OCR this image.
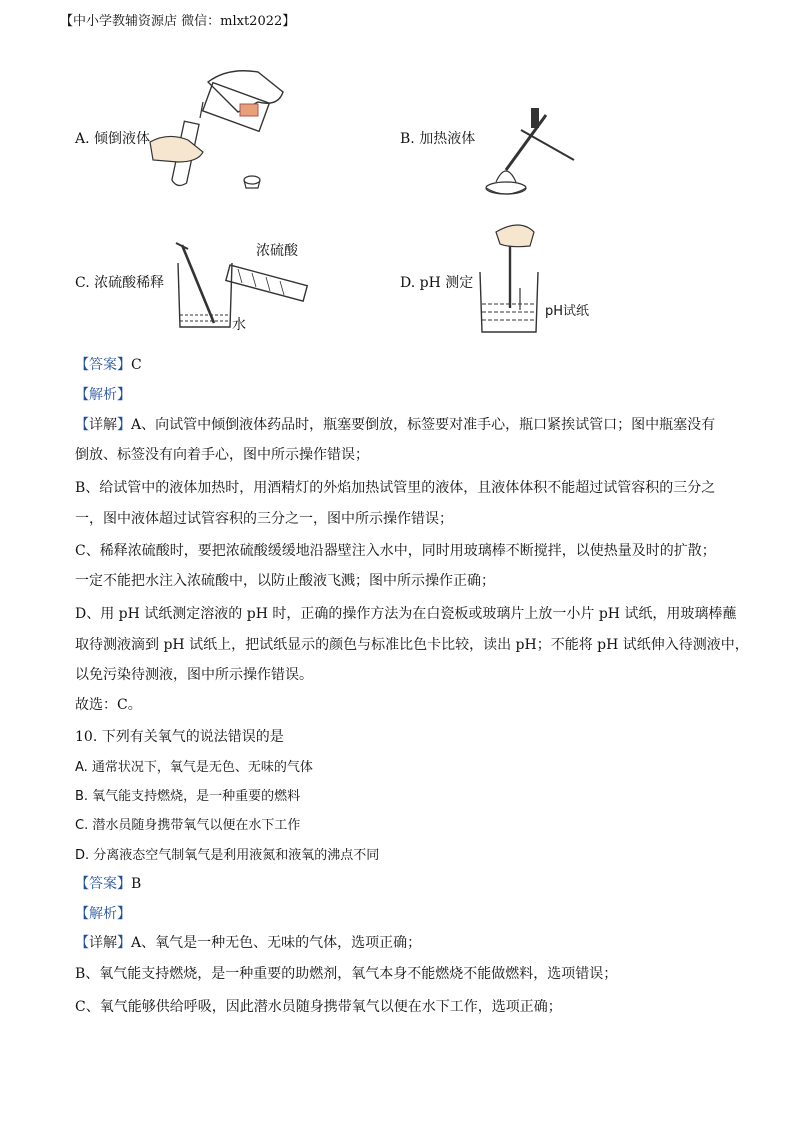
【中小学教辅资源店 微信：mlxt2022】
A. 倾倒液体	B. 加热液体
C. 浓硫酸稀释
浓硫酸
水
D. pH 测定
pH试纸
【答案】C
【解析】
【详解】A、向试管中倾倒液体药品时，瓶塞要倒放，标签要对准手心，瓶口紧挨试管口；图中瓶塞没有
倒放、标签没有向着手心，图中所示操作错误；
B、给试管中的液体加热时，用酒精灯的外焰加热试管里的液体，且液体体积不能超过试管容积的三分之
一，图中液体超过试管容积的三分之一，图中所示操作错误；
C、稀释浓硫酸时，要把浓硫酸缓缓地沿器壁注入水中，同时用玻璃棒不断搅拌，以使热量及时的扩散；
一定不能把水注入浓硫酸中，以防止酸液飞溅；图中所示操作正确；
D、用 pH 试纸测定溶液的 pH 时，正确的操作方法为在白瓷板或玻璃片上放一小片 pH 试纸，用玻璃棒蘸
取待测液滴到 pH 试纸上，把试纸显示的颜色与标准比色卡比较，读出 pH；不能将 pH 试纸伸入待测液中，
以免污染待测液，图中所示操作错误。
故选：C。
10. 下列有关氧气的说法错误的是
A. 通常状况下，氧气是无色、无味的气体
B. 氧气能支持燃烧，是一种重要的燃料
C. 潜水员随身携带氧气以便在水下工作
D. 分离液态空气制氧气是利用液氮和液氧的沸点不同
【答案】B
【解析】
【详解】A、氧气是一种无色、无味的气体，选项正确；
B、氧气能支持燃烧，是一种重要的助燃剂，氧气本身不能燃烧不能做燃料，选项错误；
C、氧气能够供给呼吸，因此潜水员随身携带氧气以便在水下工作，选项正确；
